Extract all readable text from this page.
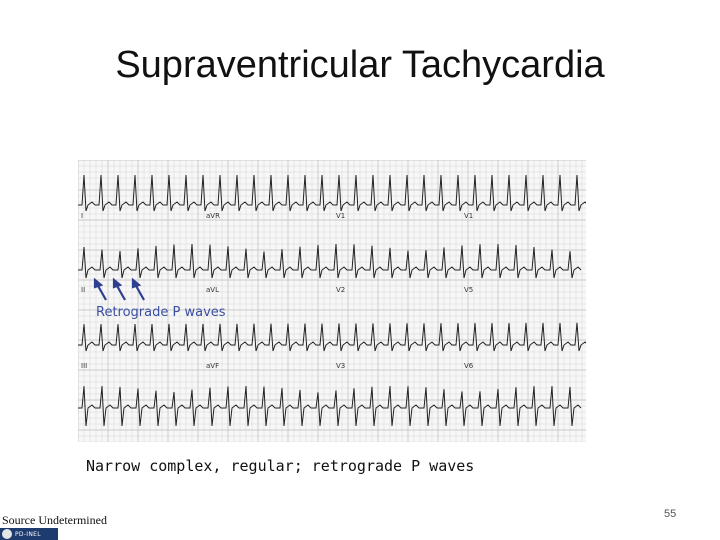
Supraventricular Tachycardia
I	aVR	V1	V1
II	aVL	V2	V5
III	aVF	V3	V6
Retrograde P waves
Narrow complex, regular; retrograde P waves
Source Undetermined	55
PD-INEL
